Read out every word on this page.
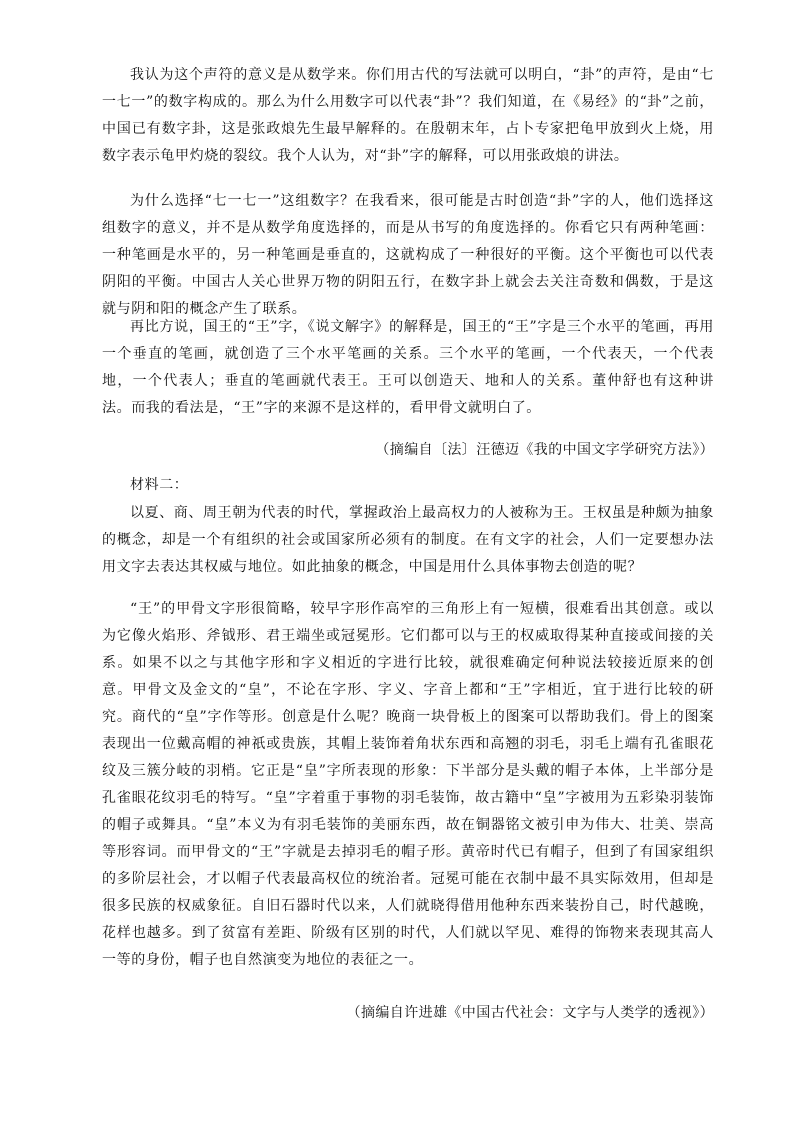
我认为这个声符的意义是从数学来。你们用古代的写法就可以明白，“卦”的声符，是由“七一七一”的数字构成的。那么为什么用数字可以代表“卦”？我们知道，在《易经》的“卦”之前，中国已有数字卦，这是张政烺先生最早解释的。在殷朝末年，占卜专家把龟甲放到火上烧，用数字表示龟甲灼烧的裂纹。我个人认为，对“卦”字的解释，可以用张政烺的讲法。

为什么选择“七一七一”这组数字？在我看来，很可能是古时创造“卦”字的人，他们选择这组数字的意义，并不是从数学角度选择的，而是从书写的角度选择的。你看它只有两种笔画：一种笔画是水平的，另一种笔画是垂直的，这就构成了一种很好的平衡。这个平衡也可以代表阴阳的平衡。中国古人关心世界万物的阴阳五行，在数字卦上就会去关注奇数和偶数，于是这就与阴和阳的概念产生了联系。

再比方说，国王的“王”字，《说文解字》的解释是，国王的“王”字是三个水平的笔画，再用一个垂直的笔画，就创造了三个水平笔画的关系。三个水平的笔画，一个代表天，一个代表地，一个代表人；垂直的笔画就代表王。王可以创造天、地和人的关系。董仲舒也有这种讲法。而我的看法是，“王”字的来源不是这样的，看甲骨文就明白了。

（摘编自〔法〕汪德迈《我的中国文字学研究方法》）

材料二：

以夏、商、周王朝为代表的时代，掌握政治上最高权力的人被称为王。王权虽是种颇为抽象的概念，却是一个有组织的社会或国家所必须有的制度。在有文字的社会，人们一定要想办法用文字去表达其权威与地位。如此抽象的概念，中国是用什么具体事物去创造的呢？

“王”的甲骨文字形很简略，较早字形作高窄的三角形上有一短横，很难看出其创意。或以为它像火焰形、斧钺形、君王端坐或冠冕形。它们都可以与王的权威取得某种直接或间接的关系。如果不以之与其他字形和字义相近的字进行比较，就很难确定何种说法较接近原来的创意。甲骨文及金文的“皇”，不论在字形、字义、字音上都和“王”字相近，宜于进行比较的研究。商代的“皇”字作等形。创意是什么呢？晚商一块骨板上的图案可以帮助我们。骨上的图案表现出一位戴高帽的神祇或贵族，其帽上装饰着角状东西和高翘的羽毛，羽毛上端有孔雀眼花纹及三簇分岐的羽梢。它正是“皇”字所表现的形象：下半部分是头戴的帽子本体，上半部分是孔雀眼花纹羽毛的特写。“皇”字着重于事物的羽毛装饰，故古籍中“皇”字被用为五彩染羽装饰的帽子或舞具。“皇”本义为有羽毛装饰的美丽东西，故在铜器铭文被引申为伟大、壮美、崇高等形容词。而甲骨文的“王”字就是去掉羽毛的帽子形。黄帝时代已有帽子，但到了有国家组织的多阶层社会，才以帽子代表最高权位的统治者。冠冕可能在衣制中最不具实际效用，但却是很多民族的权威象征。自旧石器时代以来，人们就晓得借用他种东西来装扮自己，时代越晚，花样也越多。到了贫富有差距、阶级有区别的时代，人们就以罕见、难得的饰物来表现其高人一等的身份，帽子也自然演变为地位的表征之一。

（摘编自许进雄《中国古代社会：文字与人类学的透视》）
